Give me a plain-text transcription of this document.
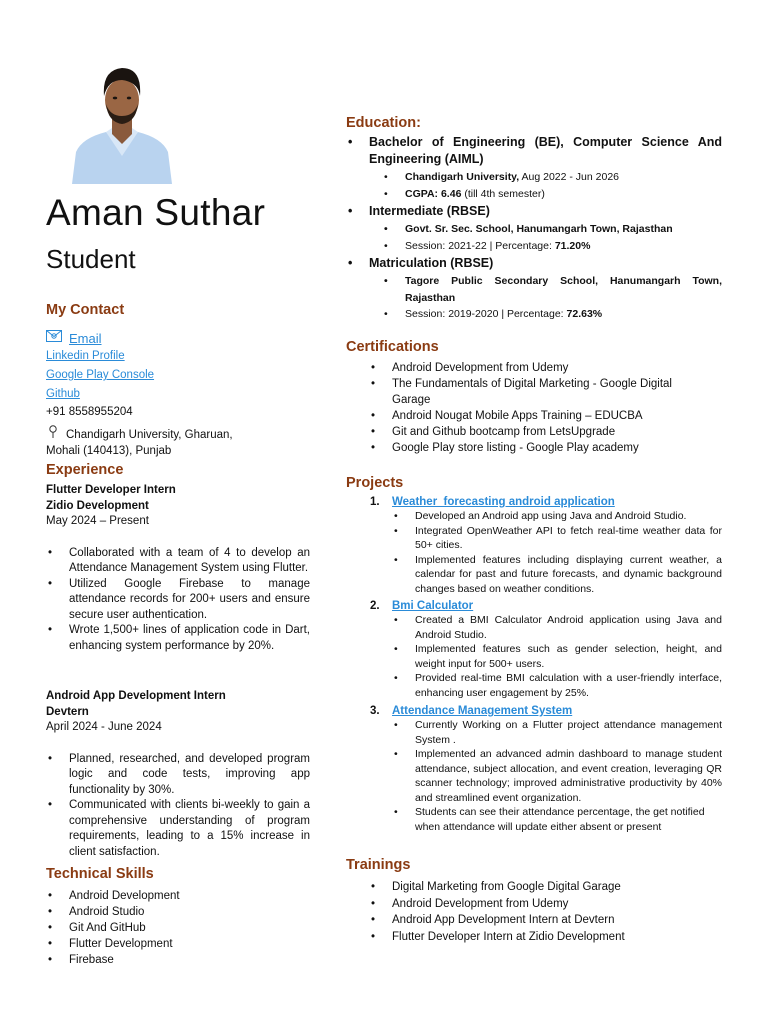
Aman Suthar
Student
My Contact
Email
Linkedin Profile
Google Play Console
Github
+91 8558955204
Chandigarh University, Gharuan,
Mohali (140413), Punjab
Experience
Flutter Developer Intern
Zidio Development
May 2024 – Present
• Collaborated with a team of 4 to develop an Attendance Management System using Flutter.
• Utilized Google Firebase to manage attendance records for 200+ users and ensure secure user authentication.
• Wrote 1,500+ lines of application code in Dart, enhancing system performance by 20%.
Android App Development Intern
Devtern
April 2024 - June 2024
• Planned, researched, and developed program logic and code tests, improving app functionality by 30%.
• Communicated with clients bi-weekly to gain a comprehensive understanding of program requirements, leading to a 15% increase in client satisfaction.
Technical Skills
• Android Development
• Android Studio
• Git And GitHub
• Flutter Development
• Firebase
Education:
• Bachelor of Engineering (BE), Computer Science And Engineering (AIML)
• Chandigarh University, Aug 2022 - Jun 2026
• CGPA: 6.46 (till 4th semester)
• Intermediate (RBSE)
• Govt. Sr. Sec. School, Hanumangarh Town, Rajasthan
• Session: 2021-22 | Percentage: 71.20%
• Matriculation (RBSE)
• Tagore Public Secondary School, Hanumangarh Town, Rajasthan
• Session: 2019-2020 | Percentage: 72.63%
Certifications
• Android Development from Udemy
• The Fundamentals of Digital Marketing - Google Digital Garage
• Android Nougat Mobile Apps Training – EDUCBA
• Git and Github bootcamp from LetsUpgrade
• Google Play store listing - Google Play academy
Projects
1. Weather  forecasting android application
• Developed an Android app using Java and Android Studio.
• Integrated OpenWeather API to fetch real-time weather data for 50+ cities.
• Implemented features including displaying current weather, a calendar for past and future forecasts, and dynamic background changes based on weather conditions.
2. Bmi Calculator
• Created a BMI Calculator Android application using Java and Android Studio.
• Implemented features such as gender selection, height, and weight input for 500+ users.
• Provided real-time BMI calculation with a user-friendly interface, enhancing user engagement by 25%.
3. Attendance Management System
• Currently Working on a Flutter project attendance management System .
• Implemented an advanced admin dashboard to manage student attendance, subject allocation, and event creation, leveraging QR scanner technology; improved administrative productivity by 40% and streamlined event organization.
• Students can see their attendance percentage, the get notified when attendance will update either absent or present
Trainings
• Digital Marketing from Google Digital Garage
• Android Development from Udemy
• Android App Development Intern at Devtern
• Flutter Developer Intern at Zidio Development
